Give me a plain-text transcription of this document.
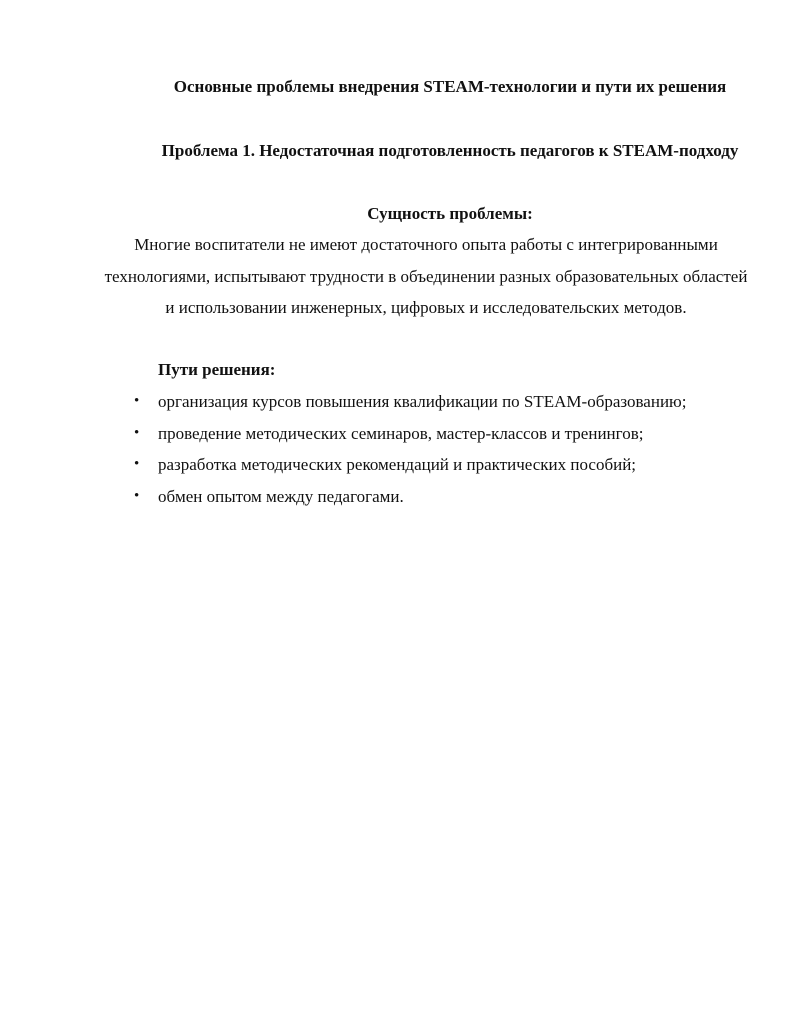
Основные проблемы внедрения STEAM-технологии и пути их решения

Проблема 1. Недостаточная подготовленность педагогов к STEAM-подходу

Сущность проблемы:

Многие воспитатели не имеют достаточного опыта работы с интегрированными технологиями, испытывают трудности в объединении разных образовательных областей и использовании инженерных, цифровых и исследовательских методов.

Пути решения:

• организация курсов повышения квалификации по STEAM-образованию;
• проведение методических семинаров, мастер-классов и тренингов;
• разработка методических рекомендаций и практических пособий;
• обмен опытом между педагогами.
